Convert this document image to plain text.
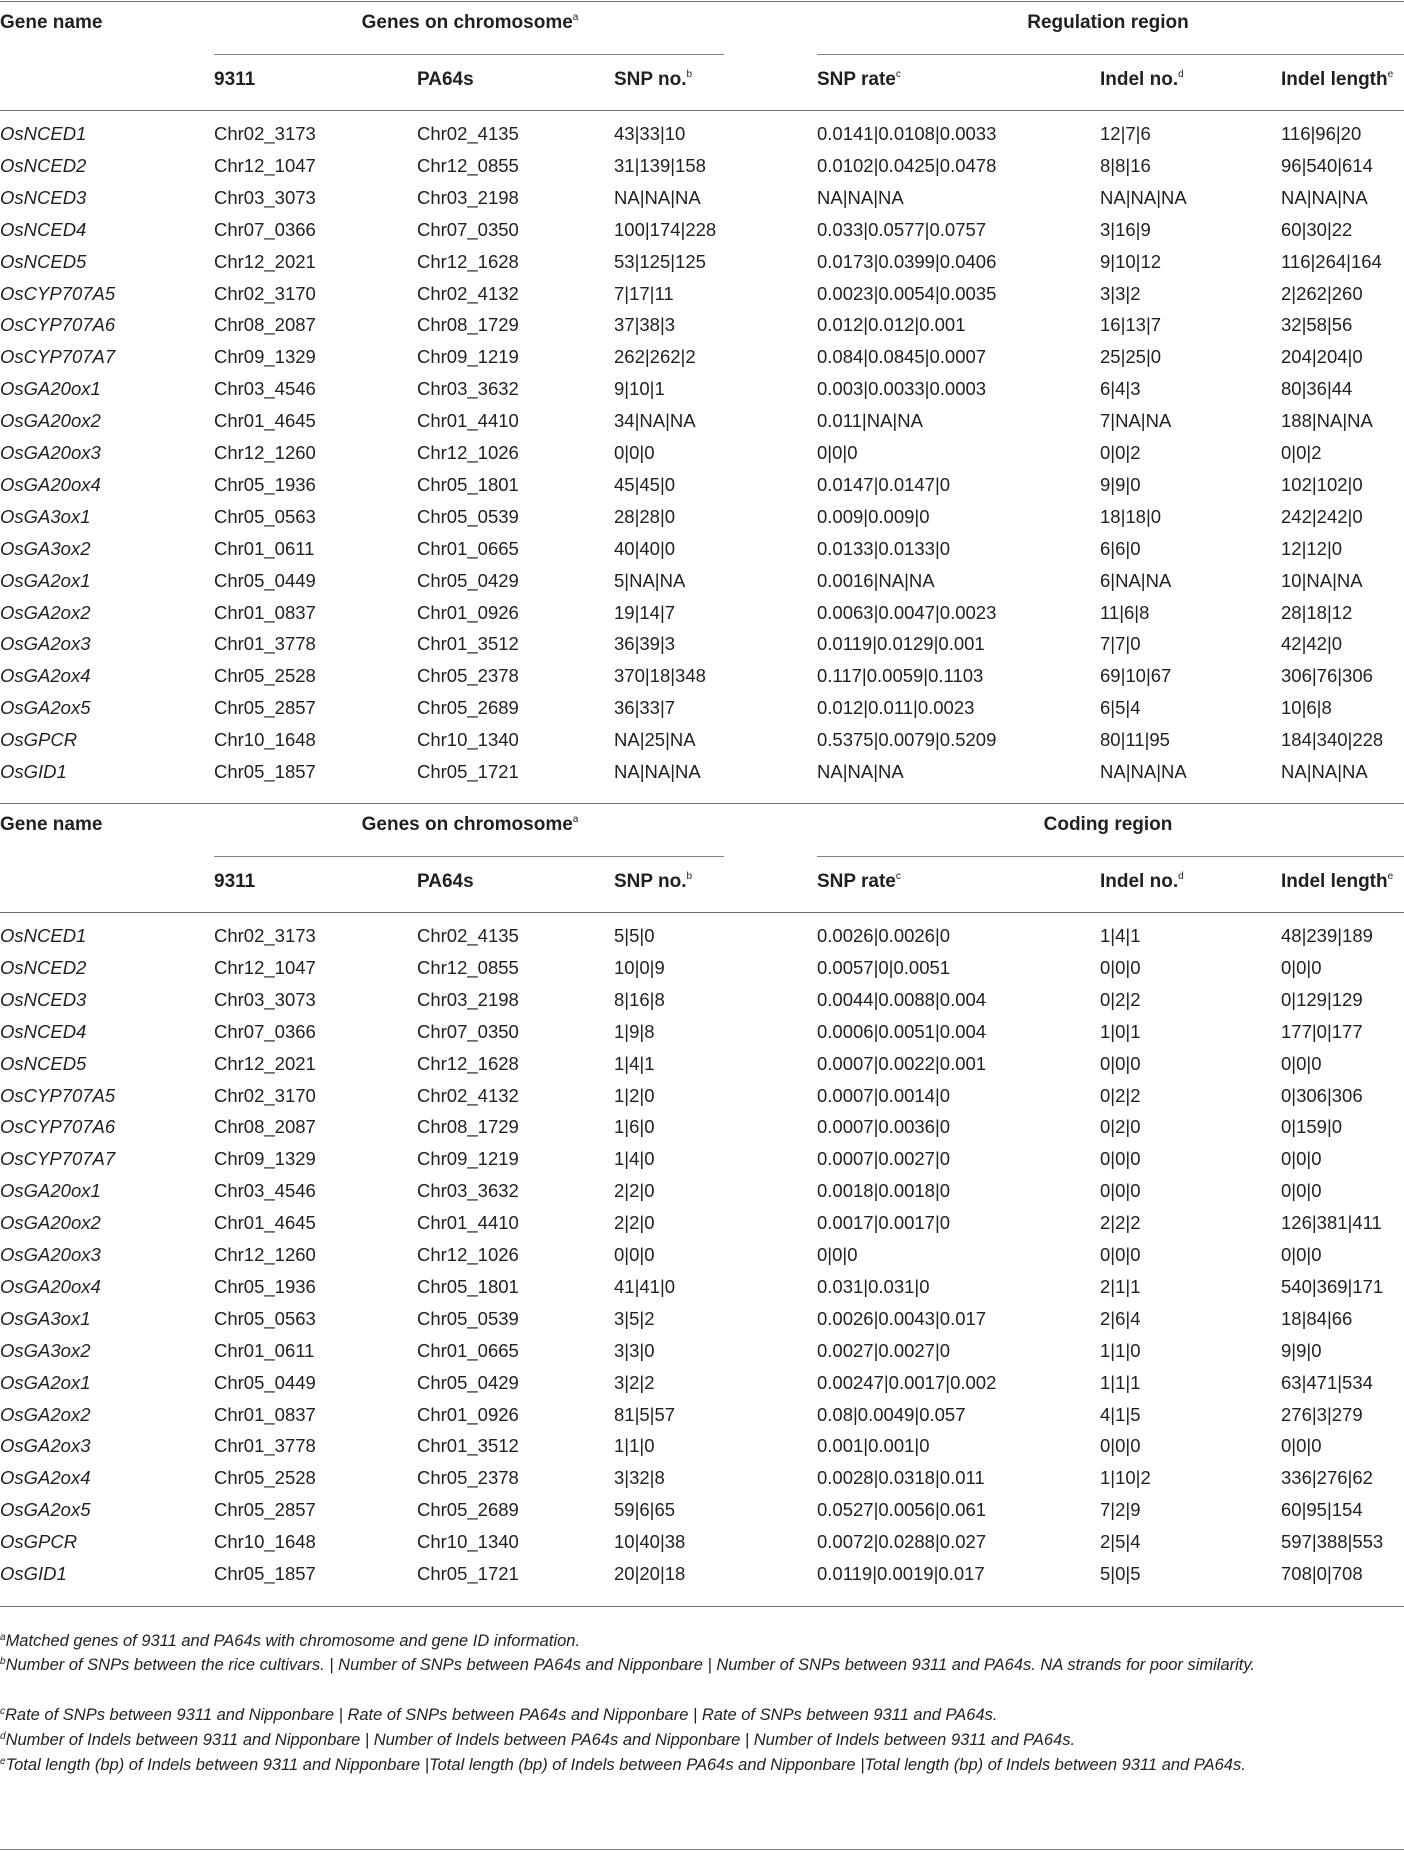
Gene name	Genes on chromosome$^a$	Regulation region
9311	PA64s	SNP no.$^b$	SNP rate$^c$	Indel no.$^d$	Indel length$^e$
OsNCED1	Chr02_3173	Chr02_4135	43|33|10	0.0141|0.0108|0.0033	12|7|6	116|96|20
OsNCED2	Chr12_1047	Chr12_0855	31|139|158	0.0102|0.0425|0.0478	8|8|16	96|540|614
OsNCED3	Chr03_3073	Chr03_2198	NA|NA|NA	NA|NA|NA	NA|NA|NA	NA|NA|NA
OsNCED4	Chr07_0366	Chr07_0350	100|174|228	0.033|0.0577|0.0757	3|16|9	60|30|22
OsNCED5	Chr12_2021	Chr12_1628	53|125|125	0.0173|0.0399|0.0406	9|10|12	116|264|164
OsCYP707A5	Chr02_3170	Chr02_4132	7|17|11	0.0023|0.0054|0.0035	3|3|2	2|262|260
OsCYP707A6	Chr08_2087	Chr08_1729	37|38|3	0.012|0.012|0.001	16|13|7	32|58|56
OsCYP707A7	Chr09_1329	Chr09_1219	262|262|2	0.084|0.0845|0.0007	25|25|0	204|204|0
OsGA20ox1	Chr03_4546	Chr03_3632	9|10|1	0.003|0.0033|0.0003	6|4|3	80|36|44
OsGA20ox2	Chr01_4645	Chr01_4410	34|NA|NA	0.011|NA|NA	7|NA|NA	188|NA|NA
OsGA20ox3	Chr12_1260	Chr12_1026	0|0|0	0|0|0	0|0|2	0|0|2
OsGA20ox4	Chr05_1936	Chr05_1801	45|45|0	0.0147|0.0147|0	9|9|0	102|102|0
OsGA3ox1	Chr05_0563	Chr05_0539	28|28|0	0.009|0.009|0	18|18|0	242|242|0
OsGA3ox2	Chr01_0611	Chr01_0665	40|40|0	0.0133|0.0133|0	6|6|0	12|12|0
OsGA2ox1	Chr05_0449	Chr05_0429	5|NA|NA	0.0016|NA|NA	6|NA|NA	10|NA|NA
OsGA2ox2	Chr01_0837	Chr01_0926	19|14|7	0.0063|0.0047|0.0023	11|6|8	28|18|12
OsGA2ox3	Chr01_3778	Chr01_3512	36|39|3	0.0119|0.0129|0.001	7|7|0	42|42|0
OsGA2ox4	Chr05_2528	Chr05_2378	370|18|348	0.117|0.0059|0.1103	69|10|67	306|76|306
OsGA2ox5	Chr05_2857	Chr05_2689	36|33|7	0.012|0.011|0.0023	6|5|4	10|6|8
OsGPCR	Chr10_1648	Chr10_1340	NA|25|NA	0.5375|0.0079|0.5209	80|11|95	184|340|228
OsGID1	Chr05_1857	Chr05_1721	NA|NA|NA	NA|NA|NA	NA|NA|NA	NA|NA|NA
Gene name	Genes on chromosome$^a$	Coding region
9311	PA64s	SNP no.$^b$	SNP rate$^c$	Indel no.$^d$	Indel length$^e$
OsNCED1	Chr02_3173	Chr02_4135	5|5|0	0.0026|0.0026|0	1|4|1	48|239|189
OsNCED2	Chr12_1047	Chr12_0855	10|0|9	0.0057|0|0.0051	0|0|0	0|0|0
OsNCED3	Chr03_3073	Chr03_2198	8|16|8	0.0044|0.0088|0.004	0|2|2	0|129|129
OsNCED4	Chr07_0366	Chr07_0350	1|9|8	0.0006|0.0051|0.004	1|0|1	177|0|177
OsNCED5	Chr12_2021	Chr12_1628	1|4|1	0.0007|0.0022|0.001	0|0|0	0|0|0
OsCYP707A5	Chr02_3170	Chr02_4132	1|2|0	0.0007|0.0014|0	0|2|2	0|306|306
OsCYP707A6	Chr08_2087	Chr08_1729	1|6|0	0.0007|0.0036|0	0|2|0	0|159|0
OsCYP707A7	Chr09_1329	Chr09_1219	1|4|0	0.0007|0.0027|0	0|0|0	0|0|0
OsGA20ox1	Chr03_4546	Chr03_3632	2|2|0	0.0018|0.0018|0	0|0|0	0|0|0
OsGA20ox2	Chr01_4645	Chr01_4410	2|2|0	0.0017|0.0017|0	2|2|2	126|381|411
OsGA20ox3	Chr12_1260	Chr12_1026	0|0|0	0|0|0	0|0|0	0|0|0
OsGA20ox4	Chr05_1936	Chr05_1801	41|41|0	0.031|0.031|0	2|1|1	540|369|171
OsGA3ox1	Chr05_0563	Chr05_0539	3|5|2	0.0026|0.0043|0.017	2|6|4	18|84|66
OsGA3ox2	Chr01_0611	Chr01_0665	3|3|0	0.0027|0.0027|0	1|1|0	9|9|0
OsGA2ox1	Chr05_0449	Chr05_0429	3|2|2	0.00247|0.0017|0.002	1|1|1	63|471|534
OsGA2ox2	Chr01_0837	Chr01_0926	81|5|57	0.08|0.0049|0.057	4|1|5	276|3|279
OsGA2ox3	Chr01_3778	Chr01_3512	1|1|0	0.001|0.001|0	0|0|0	0|0|0
OsGA2ox4	Chr05_2528	Chr05_2378	3|32|8	0.0028|0.0318|0.011	1|10|2	336|276|62
OsGA2ox5	Chr05_2857	Chr05_2689	59|6|65	0.0527|0.0056|0.061	7|2|9	60|95|154
OsGPCR	Chr10_1648	Chr10_1340	10|40|38	0.0072|0.0288|0.027	2|5|4	597|388|553
OsGID1	Chr05_1857	Chr05_1721	20|20|18	0.0119|0.0019|0.017	5|0|5	708|0|708
$^a$Matched genes of 9311 and PA64s with chromosome and gene ID information.
$^b$Number of SNPs between the rice cultivars. | Number of SNPs between PA64s and Nipponbare | Number of SNPs between 9311 and PA64s. NA strands for poor similarity.
$^c$Rate of SNPs between 9311 and Nipponbare | Rate of SNPs between PA64s and Nipponbare | Rate of SNPs between 9311 and PA64s.
$^d$Number of Indels between 9311 and Nipponbare | Number of Indels between PA64s and Nipponbare | Number of Indels between 9311 and PA64s.
$^e$Total length (bp) of Indels between 9311 and Nipponbare |Total length (bp) of Indels between PA64s and Nipponbare |Total length (bp) of Indels between 9311 and PA64s.
